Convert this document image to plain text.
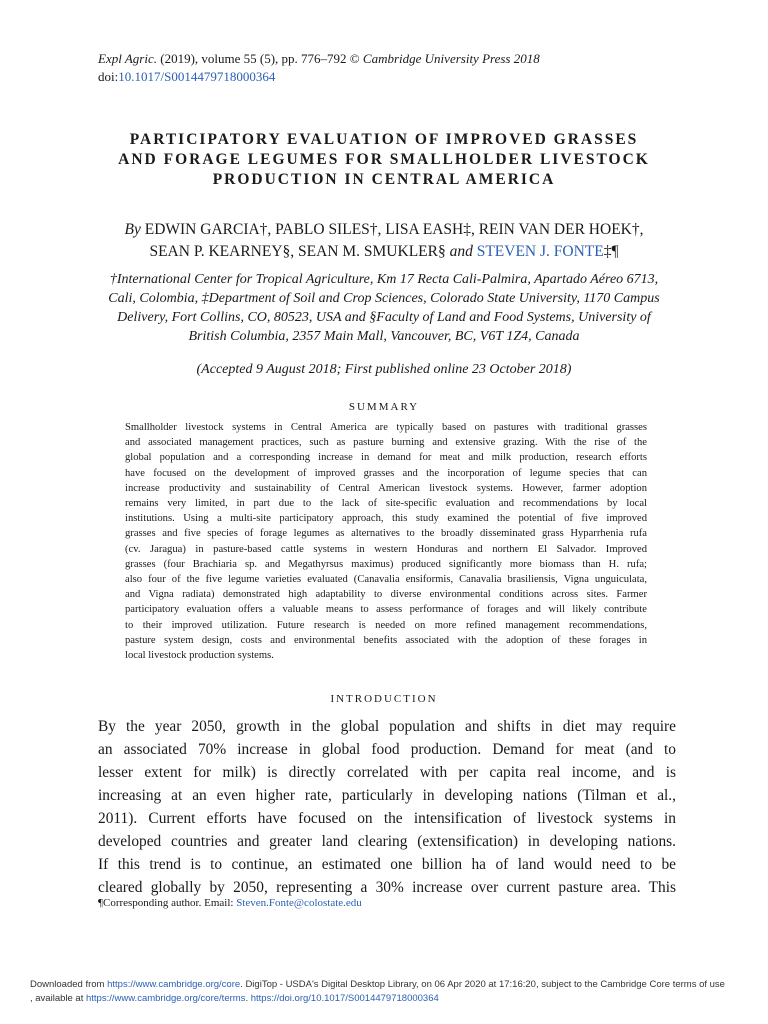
Expl Agric. (2019), volume 55 (5), pp. 776–792 © Cambridge University Press 2018
doi:10.1017/S0014479718000364
PARTICIPATORY EVALUATION OF IMPROVED GRASSES
AND FORAGE LEGUMES FOR SMALLHOLDER LIVESTOCK
PRODUCTION IN CENTRAL AMERICA
By EDWIN GARCIA†, PABLO SILES†, LISA EASH‡, REIN VAN DER HOEK†,
SEAN P. KEARNEY§, SEAN M. SMUKLER§ and STEVEN J. FONTE‡¶
†International Center for Tropical Agriculture, Km 17 Recta Cali-Palmira, Apartado Aéreo 6713,
Cali, Colombia, ‡Department of Soil and Crop Sciences, Colorado State University, 1170 Campus
Delivery, Fort Collins, CO, 80523, USA and §Faculty of Land and Food Systems, University of
British Columbia, 2357 Main Mall, Vancouver, BC, V6T 1Z4, Canada
(Accepted 9 August 2018; First published online 23 October 2018)
SUMMARY
Smallholder livestock systems in Central America are typically based on pastures with traditional grasses
and associated management practices, such as pasture burning and extensive grazing. With the rise of the
global population and a corresponding increase in demand for meat and milk production, research efforts
have focused on the development of improved grasses and the incorporation of legume species that can
increase productivity and sustainability of Central American livestock systems. However, farmer adoption
remains very limited, in part due to the lack of site-specific evaluation and recommendations by local
institutions. Using a multi-site participatory approach, this study examined the potential of five improved
grasses and five species of forage legumes as alternatives to the broadly disseminated grass Hyparrhenia rufa
(cv. Jaragua) in pasture-based cattle systems in western Honduras and northern El Salvador. Improved
grasses (four Brachiaria sp. and Megathyrsus maximus) produced significantly more biomass than H. rufa;
also four of the five legume varieties evaluated (Canavalia ensiformis, Canavalia brasiliensis, Vigna unguiculata,
and Vigna radiata) demonstrated high adaptability to diverse environmental conditions across sites. Farmer
participatory evaluation offers a valuable means to assess performance of forages and will likely contribute
to their improved utilization. Future research is needed on more refined management recommendations,
pasture system design, costs and environmental benefits associated with the adoption of these forages in
local livestock production systems.
INTRODUCTION
By the year 2050, growth in the global population and shifts in diet may require
an associated 70% increase in global food production. Demand for meat (and to
lesser extent for milk) is directly correlated with per capita real income, and is
increasing at an even higher rate, particularly in developing nations (Tilman et al.,
2011). Current efforts have focused on the intensification of livestock systems in
developed countries and greater land clearing (extensification) in developing nations.
If this trend is to continue, an estimated one billion ha of land would need to be
cleared globally by 2050, representing a 30% increase over current pasture area. This
¶Corresponding author. Email: Steven.Fonte@colostate.edu
Downloaded from https://www.cambridge.org/core. DigiTop - USDA's Digital Desktop Library, on 06 Apr 2020 at 17:16:20, subject to the Cambridge Core terms of use
, available at https://www.cambridge.org/core/terms. https://doi.org/10.1017/S0014479718000364
